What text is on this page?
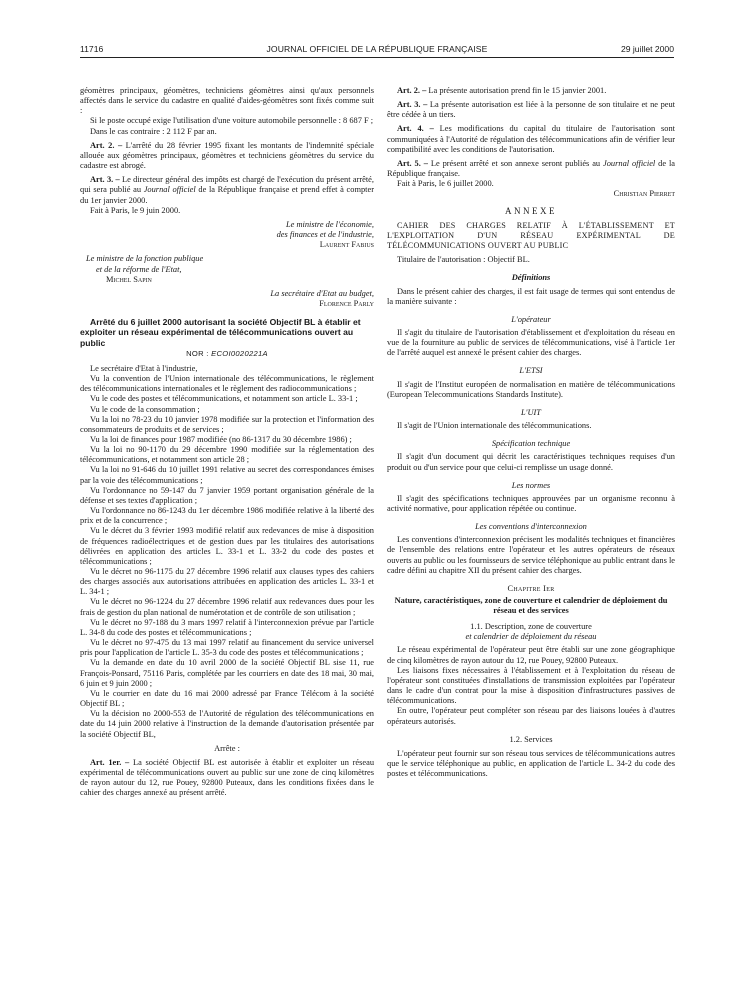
11716	JOURNAL OFFICIEL DE LA RÉPUBLIQUE FRANÇAISE	29 juillet 2000

géomètres principaux, géomètres, techniciens géomètres ainsi qu'aux personnels affectés dans le service du cadastre en qualité d'aides-géomètres sont fixés comme suit :

Si le poste occupé exige l'utilisation d'une voiture automobile personnelle : 8 687 F ;

Dans le cas contraire : 2 112 F par an.

Art. 2. – L'arrêté du 28 février 1995 fixant les montants de l'indemnité spéciale allouée aux géomètres principaux, géomètres et techniciens géomètres du service du cadastre est abrogé.

Art. 3. – Le directeur général des impôts est chargé de l'exécution du présent arrêté, qui sera publié au Journal officiel de la République française et prend effet à compter du 1er janvier 2000.

Fait à Paris, le 9 juin 2000.

Le ministre de l'économie,
des finances et de l'industrie,
Laurent Fabius
Le ministre de la fonction publique
et de la réforme de l'Etat,
Michel Sapin
La secrétaire d'Etat au budget,
Florence Parly

Arrêté du 6 juillet 2000 autorisant la société Objectif BL à établir et exploiter un réseau expérimental de télécommunications ouvert au public

NOR : ECOI0020221A

Le secrétaire d'Etat à l'industrie,

Vu la convention de l'Union internationale des télécommunications, le règlement des télécommunications internationales et le règlement des radiocommunications ;

Vu le code des postes et télécommunications, et notamment son article L. 33-1 ;

Vu le code de la consommation ;

Vu la loi no 78-23 du 10 janvier 1978 modifiée sur la protection et l'information des consommateurs de produits et de services ;

Vu la loi de finances pour 1987 modifiée (no 86-1317 du 30 décembre 1986) ;

Vu la loi no 90-1170 du 29 décembre 1990 modifiée sur la réglementation des télécommunications, et notamment son article 28 ;

Vu la loi no 91-646 du 10 juillet 1991 relative au secret des correspondances émises par la voie des télécommunications ;

Vu l'ordonnance no 59-147 du 7 janvier 1959 portant organisation générale de la défense et ses textes d'application ;

Vu l'ordonnance no 86-1243 du 1er décembre 1986 modifiée relative à la liberté des prix et de la concurrence ;

Vu le décret du 3 février 1993 modifié relatif aux redevances de mise à disposition de fréquences radioélectriques et de gestion dues par les titulaires des autorisations délivrées en application des articles L. 33-1 et L. 33-2 du code des postes et télécommunications ;

Vu le décret no 96-1175 du 27 décembre 1996 relatif aux clauses types des cahiers des charges associés aux autorisations attribuées en application des articles L. 33-1 et L. 34-1 ;

Vu le décret no 96-1224 du 27 décembre 1996 relatif aux redevances dues pour les frais de gestion du plan national de numérotation et de contrôle de son utilisation ;

Vu le décret no 97-188 du 3 mars 1997 relatif à l'interconnexion prévue par l'article L. 34-8 du code des postes et télécommunications ;

Vu le décret no 97-475 du 13 mai 1997 relatif au financement du service universel pris pour l'application de l'article L. 35-3 du code des postes et télécommunications ;

Vu la demande en date du 10 avril 2000 de la société Objectif BL sise 11, rue François-Ponsard, 75116 Paris, complétée par les courriers en date des 18 mai, 30 mai, 6 juin et 9 juin 2000 ;

Vu le courrier en date du 16 mai 2000 adressé par France Télécom à la société Objectif BL ;

Vu la décision no 2000-553 de l'Autorité de régulation des télécommunications en date du 14 juin 2000 relative à l'instruction de la demande d'autorisation présentée par la société Objectif BL,

Arrête :

Art. 1er. – La société Objectif BL est autorisée à établir et exploiter un réseau expérimental de télécommunications ouvert au public sur une zone de cinq kilomètres de rayon autour du 12, rue Pouey, 92800 Puteaux, dans les conditions fixées dans le cahier des charges annexé au présent arrêté.

Art. 2. – La présente autorisation prend fin le 15 janvier 2001.

Art. 3. – La présente autorisation est liée à la personne de son titulaire et ne peut être cédée à un tiers.

Art. 4. – Les modifications du capital du titulaire de l'autorisation sont communiquées à l'Autorité de régulation des télécommunications afin de vérifier leur compatibilité avec les conditions de l'autorisation.

Art. 5. – Le présent arrêté et son annexe seront publiés au Journal officiel de la République française.

Fait à Paris, le 6 juillet 2000.

Christian Pierret
ANNEXE

CAHIER DES CHARGES RELATIF À L'ÉTABLISSEMENT ET L'EXPLOITATION D'UN RÉSEAU EXPÉRIMENTAL DE TÉLÉCOMMUNICATIONS OUVERT AU PUBLIC

Titulaire de l'autorisation : Objectif BL.

Définitions

Dans le présent cahier des charges, il est fait usage de termes qui sont entendus de la manière suivante :

L'opérateur

Il s'agit du titulaire de l'autorisation d'établissement et d'exploitation du réseau en vue de la fourniture au public de services de télécommunications, visé à l'article 1er de l'arrêté auquel est annexé le présent cahier des charges.

L'ETSI

Il s'agit de l'Institut européen de normalisation en matière de télécommunications (European Telecommunications Standards Institute).

L'UIT

Il s'agit de l'Union internationale des télécommunications.

Spécification technique

Il s'agit d'un document qui décrit les caractéristiques techniques requises d'un produit ou d'un service pour que celui-ci remplisse un usage donné.

Les normes

Il s'agit des spécifications techniques approuvées par un organisme reconnu à activité normative, pour application répétée ou continue.

Les conventions d'interconnexion

Les conventions d'interconnexion précisent les modalités techniques et financières de l'ensemble des relations entre l'opérateur et les autres opérateurs de réseaux ouverts au public ou les fournisseurs de service téléphonique au public entrant dans le cadre défini au chapitre XII du présent cahier des charges.

Chapitre Ier
Nature, caractéristiques, zone de couverture et calendrier de déploiement du réseau et des services
1.1. Description, zone de couverture
et calendrier de déploiement du réseau

Le réseau expérimental de l'opérateur peut être établi sur une zone géographique de cinq kilomètres de rayon autour du 12, rue Pouey, 92800 Puteaux.

Les liaisons fixes nécessaires à l'établissement et à l'exploitation du réseau de l'opérateur sont constituées d'installations de transmission exploitées par l'opérateur dans le cadre d'un contrat pour la mise à disposition d'infrastructures passives de télécommunications.

En outre, l'opérateur peut compléter son réseau par des liaisons louées à d'autres opérateurs autorisés.

1.2. Services

L'opérateur peut fournir sur son réseau tous services de télécommunications autres que le service téléphonique au public, en application de l'article L. 34-2 du code des postes et télécommunications.
